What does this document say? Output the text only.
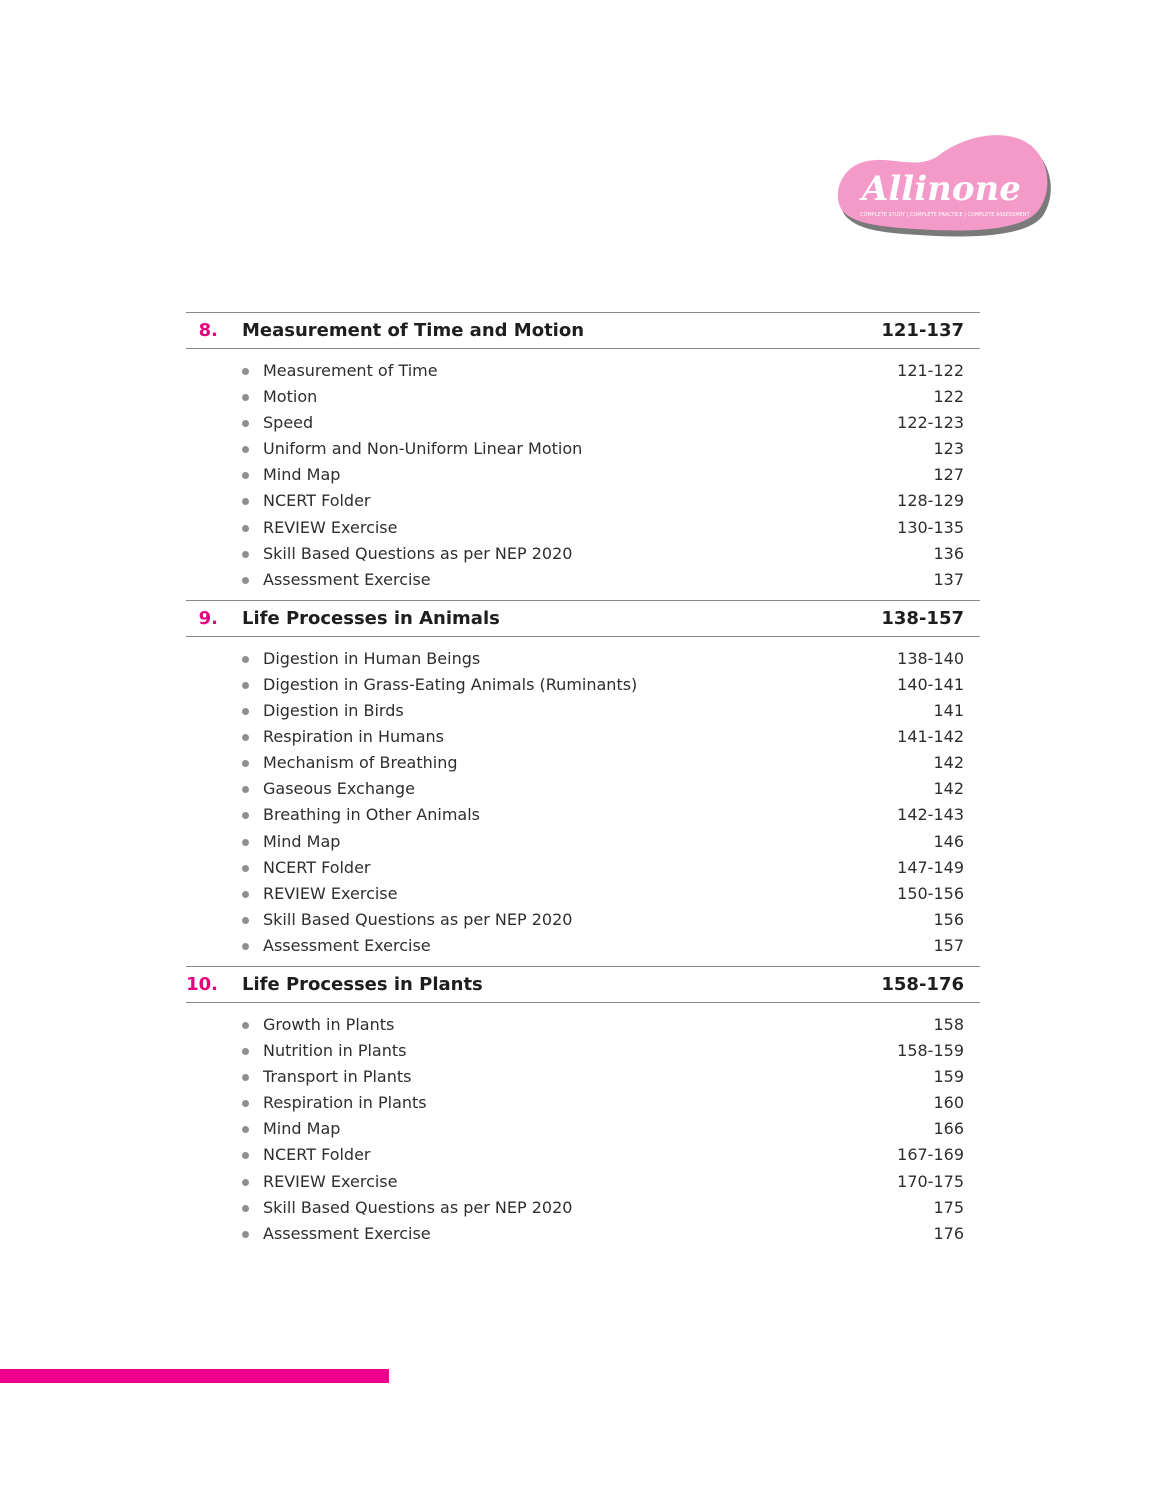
Allinone
COMPLETE STUDY | COMPLETE PRACTICE | COMPLETE ASSESSMENT
8. Measurement of Time and Motion	121-137
Measurement of Time	121-122
Motion	122
Speed	122-123
Uniform and Non-Uniform Linear Motion	123
Mind Map	127
NCERT Folder	128-129
REVIEW Exercise	130-135
Skill Based Questions as per NEP 2020	136
Assessment Exercise	137
9. Life Processes in Animals	138-157
Digestion in Human Beings	138-140
Digestion in Grass-Eating Animals (Ruminants)	140-141
Digestion in Birds	141
Respiration in Humans	141-142
Mechanism of Breathing	142
Gaseous Exchange	142
Breathing in Other Animals	142-143
Mind Map	146
NCERT Folder	147-149
REVIEW Exercise	150-156
Skill Based Questions as per NEP 2020	156
Assessment Exercise	157
10. Life Processes in Plants	158-176
Growth in Plants	158
Nutrition in Plants	158-159
Transport in Plants	159
Respiration in Plants	160
Mind Map	166
NCERT Folder	167-169
REVIEW Exercise	170-175
Skill Based Questions as per NEP 2020	175
Assessment Exercise	176
